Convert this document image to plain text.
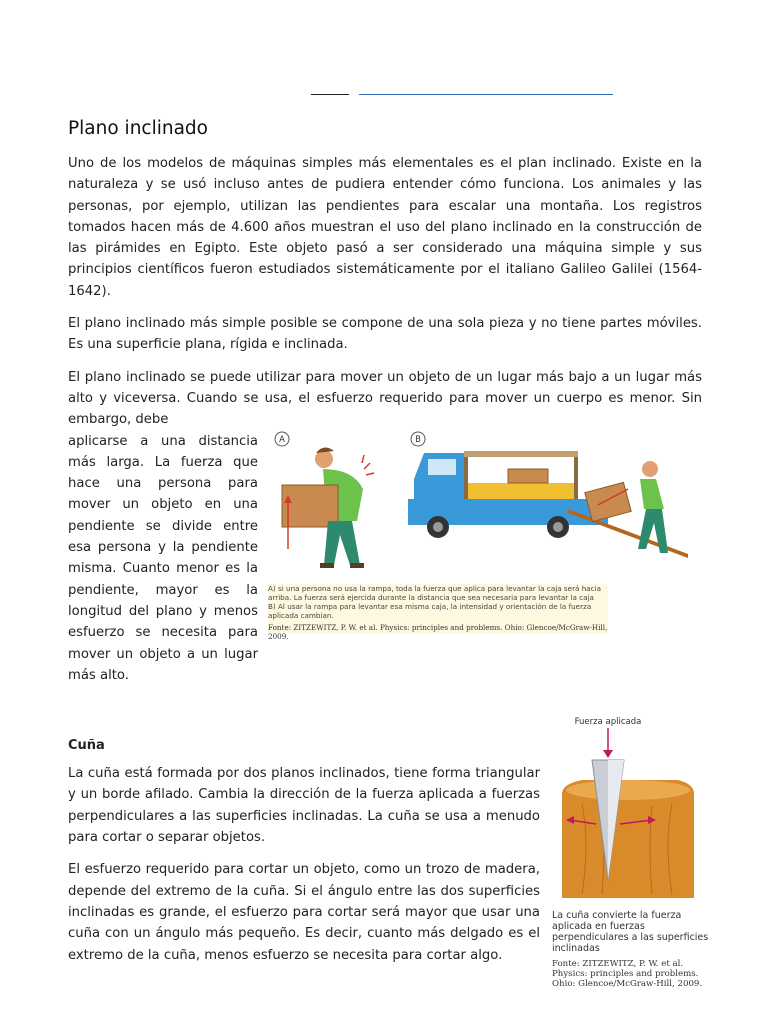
Plano inclinado

Uno de los modelos de máquinas simples más elementales es el plan inclinado. Existe en la naturaleza y se usó incluso antes de pudiera entender cómo funciona. Los animales y las personas, por ejemplo, utilizan las pendientes para escalar una montaña. Los registros tomados hacen más de 4.600 años muestran el uso del plano inclinado en la construcción de las pirámides en Egipto. Este objeto pasó a ser considerado una máquina simple y sus principios científicos fueron estudiados sistemáticamente por el italiano Galileo Galilei (1564-1642).

El plano inclinado más simple posible se compone de una sola pieza y no tiene partes móviles. Es una superficie plana, rígida e inclinada.

El plano inclinado se puede utilizar para mover un objeto de un lugar más bajo a un lugar más alto y viceversa. Cuando se usa, el esfuerzo requerido para mover un cuerpo es menor. Sin embargo, debe

aplicarse a una distancia más larga. La fuerza que hace una persona para mover un objeto en una pendiente se divide entre esa persona y la pendiente misma. Cuanto menor es la pendiente, mayor es la longitud del plano y menos esfuerzo se necesita para mover un objeto a un lugar más alto.

A	B
A) si una persona no usa la rampa, toda la fuerza que aplica para levantar la caja será hacia arriba. La fuerza será ejercida durante la distancia que sea necesaria para levantar la caja
B) Al usar la rampa para levantar esa misma caja, la intensidad y orientación de la fuerza aplicada cambian.
Fonte: ZITZEWITZ, P. W. et al. Physics: principles and problems. Ohio: Glencoe/McGraw-Hill, 2009.
Cuña

La cuña está formada por dos planos inclinados, tiene forma triangular y un borde afilado. Cambia la dirección de la fuerza aplicada a fuerzas perpendiculares a las superficies inclinadas. La cuña se usa a menudo para cortar o separar objetos.

El esfuerzo requerido para cortar un objeto, como un trozo de madera, depende del extremo de la cuña. Si el ángulo entre las dos superficies inclinadas es grande, el esfuerzo para cortar será mayor que usar una cuña con un ángulo más pequeño. Es decir, cuanto más delgado es el extremo de la cuña, menos esfuerzo se necesita para cortar algo.

Fuerza aplicada
La cuña convierte la fuerza aplicada en fuerzas perpendiculares a las superficies inclinadas
Fonte: ZITZEWITZ, P. W. et al. Physics: principles and problems. Ohio: Glencoe/McGraw-Hill, 2009.
